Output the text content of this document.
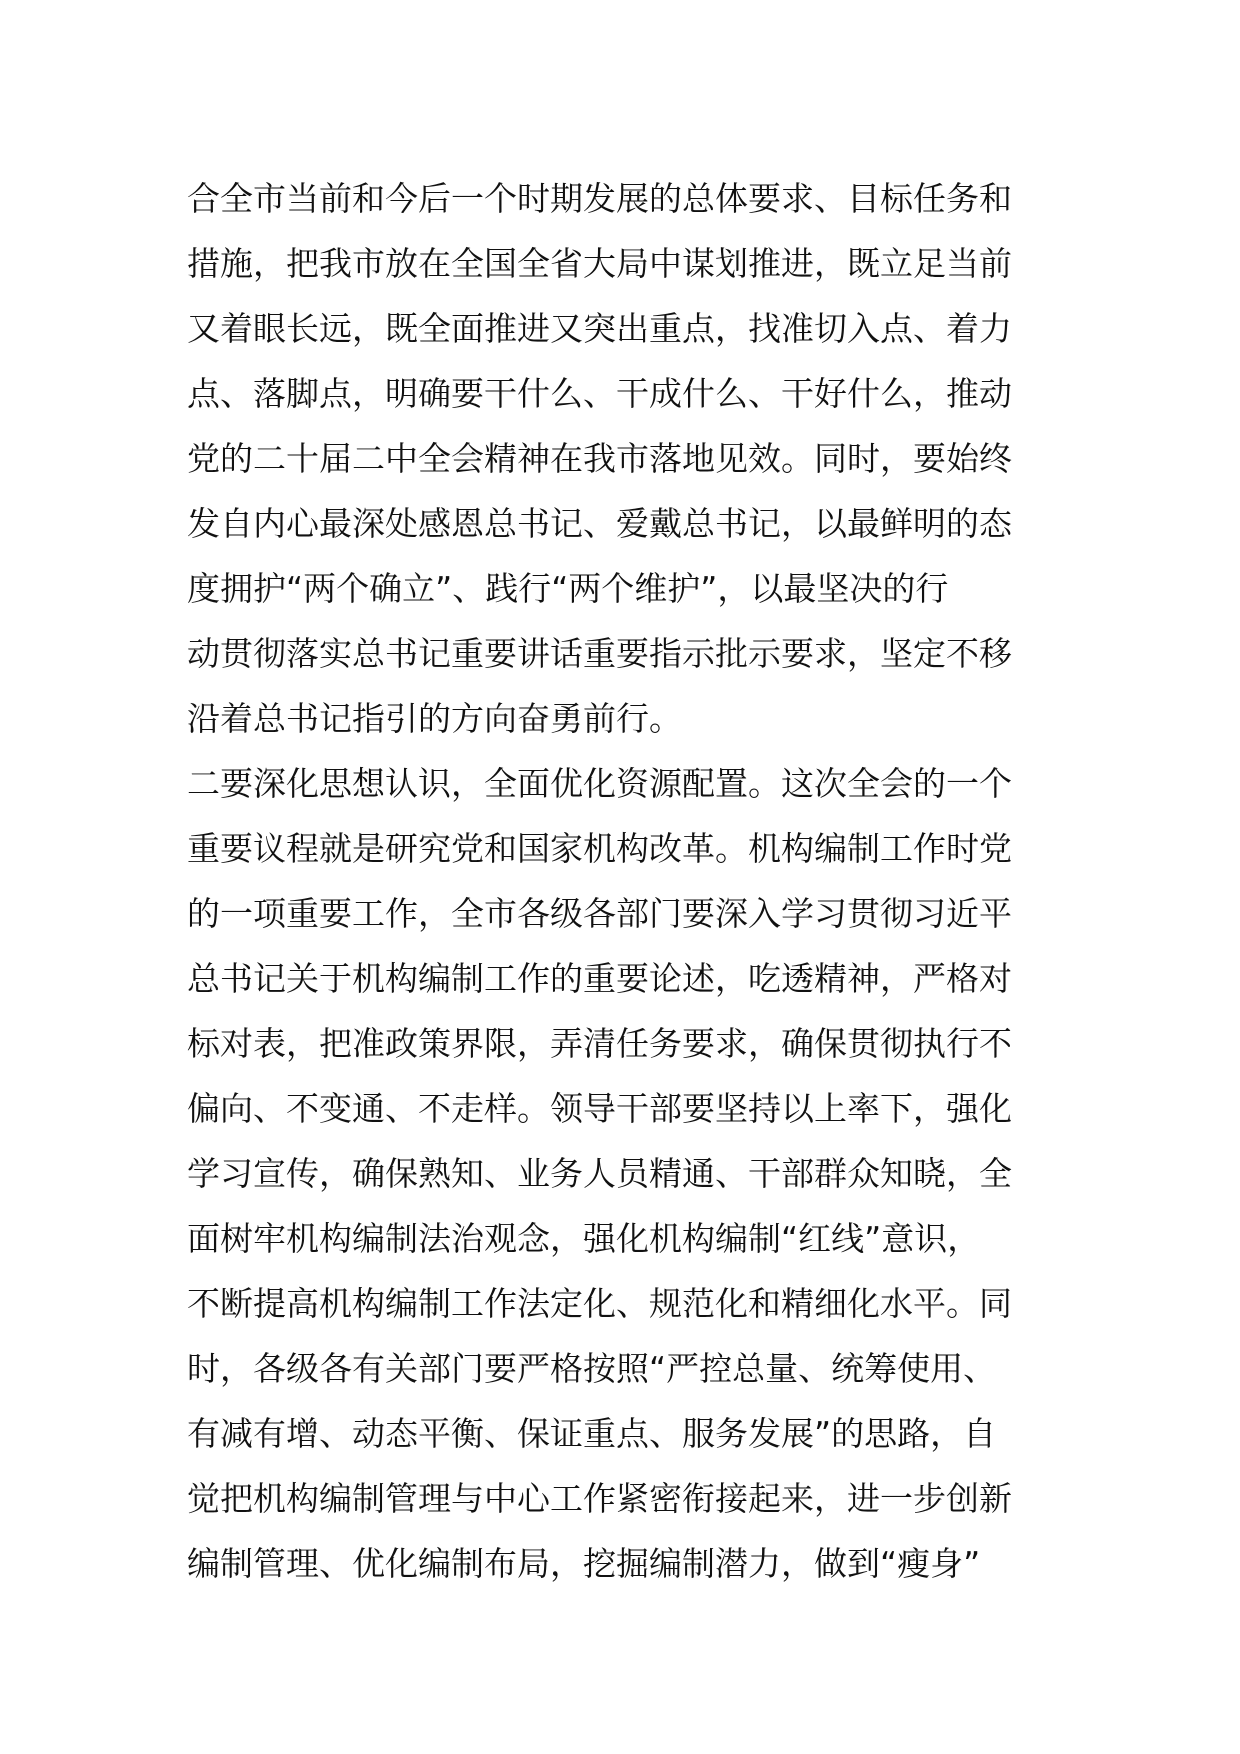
合全市当前和今后一个时期发展的总体要求、目标任务和
措施，把我市放在全国全省大局中谋划推进，既立足当前
又着眼长远，既全面推进又突出重点，找准切入点、着力
点、落脚点，明确要干什么、干成什么、干好什么，推动
党的二十届二中全会精神在我市落地见效。同时，要始终
发自内心最深处感恩总书记、爱戴总书记，以最鲜明的态
度拥护“两个确立”、践行“两个维护”，以最坚决的行
动贯彻落实总书记重要讲话重要指示批示要求，坚定不移
沿着总书记指引的方向奋勇前行。
二要深化思想认识，全面优化资源配置。这次全会的一个
重要议程就是研究党和国家机构改革。机构编制工作时党
的一项重要工作，全市各级各部门要深入学习贯彻习近平
总书记关于机构编制工作的重要论述，吃透精神，严格对
标对表，把准政策界限，弄清任务要求，确保贯彻执行不
偏向、不变通、不走样。领导干部要坚持以上率下，强化
学习宣传，确保熟知、业务人员精通、干部群众知晓，全
面树牢机构编制法治观念，强化机构编制“红线”意识，
不断提高机构编制工作法定化、规范化和精细化水平。同
时，各级各有关部门要严格按照“严控总量、统筹使用、
有减有增、动态平衡、保证重点、服务发展”的思路，自
觉把机构编制管理与中心工作紧密衔接起来，进一步创新
编制管理、优化编制布局，挖掘编制潜力，做到“瘦身”
